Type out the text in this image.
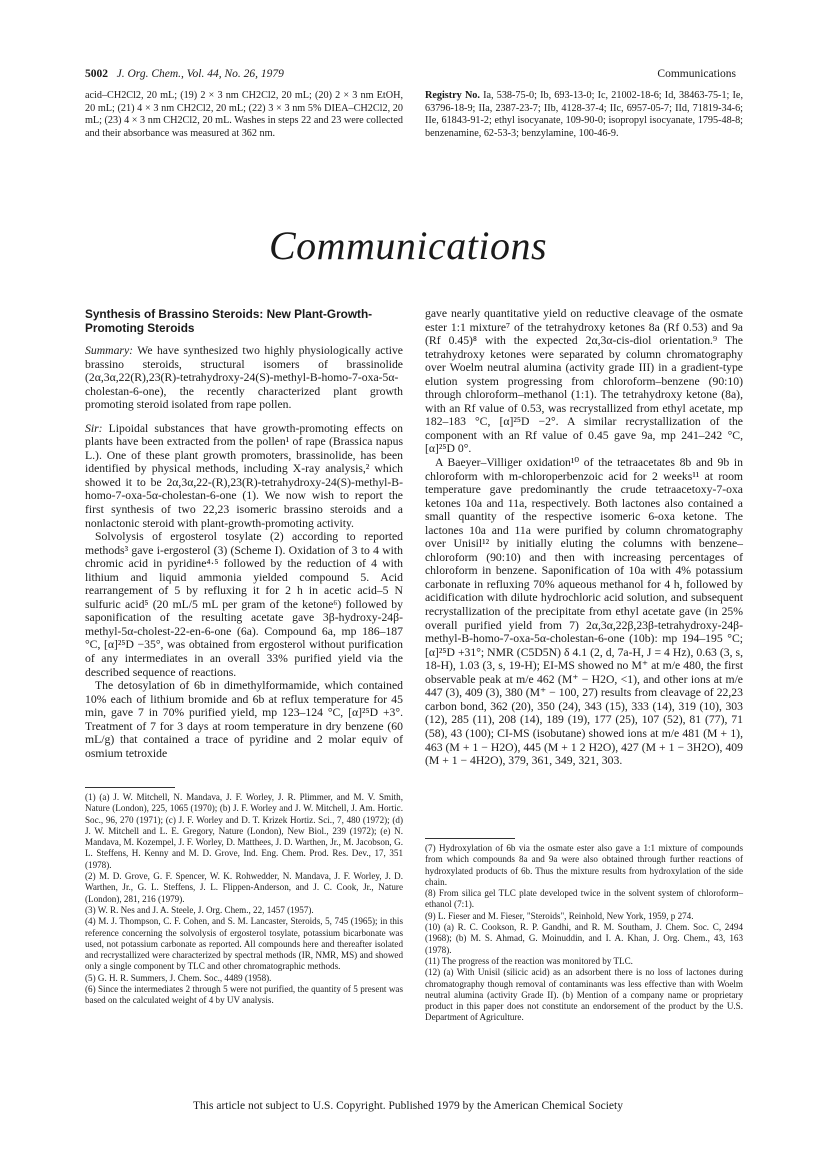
5002 J. Org. Chem., Vol. 44, No. 26, 1979	Communications
acid–CH2Cl2, 20 mL; (19) 2 × 3 nm CH2Cl2, 20 mL; (20) 2 × 3 nm EtOH, 20 mL; (21) 4 × 3 nm CH2Cl2, 20 mL; (22) 3 × 3 nm 5% DIEA–CH2Cl2, 20 mL; (23) 4 × 3 nm CH2Cl2, 20 mL. Washes in steps 22 and 23 were collected and their absorbance was measured at 362 nm.
Registry No. Ia, 538-75-0; Ib, 693-13-0; Ic, 21002-18-6; Id, 38463-75-1; Ie, 63796-18-9; IIa, 2387-23-7; IIb, 4128-37-4; IIc, 6957-05-7; IId, 71819-34-6; IIe, 61843-91-2; ethyl isocyanate, 109-90-0; isopropyl isocyanate, 1795-48-8; benzenamine, 62-53-3; benzylamine, 100-46-9.
Communications
Synthesis of Brassino Steroids: New Plant-Growth-Promoting Steroids
Summary: We have synthesized two highly physiologically active brassino steroids, structural isomers of brassinolide (2α,3α,22(R),23(R)-tetrahydroxy-24(S)-methyl-B-homo-7-oxa-5α-cholestan-6-one), the recently characterized plant growth promoting steroid isolated from rape pollen.
Sir: Lipoidal substances that have growth-promoting effects on plants have been extracted from the pollen¹ of rape (Brassica napus L.). One of these plant growth promoters, brassinolide, has been identified by physical methods, including X-ray analysis,² which showed it to be 2α,3α,22-(R),23(R)-tetrahydroxy-24(S)-methyl-B-homo-7-oxa-5α-cholestan-6-one (1). We now wish to report the first synthesis of two 22,23 isomeric brassino steroids and a nonlactonic steroid with plant-growth-promoting activity.
Solvolysis of ergosterol tosylate (2) according to reported methods³ gave i-ergosterol (3) (Scheme I). Oxidation of 3 to 4 with chromic acid in pyridine⁴·⁵ followed by the reduction of 4 with lithium and liquid ammonia yielded compound 5. Acid rearrangement of 5 by refluxing it for 2 h in acetic acid–5 N sulfuric acid⁵ (20 mL/5 mL per gram of the ketone⁶) followed by saponification of the resulting acetate gave 3β-hydroxy-24β-methyl-5α-cholest-22-en-6-one (6a). Compound 6a, mp 186–187 °C, [α]²⁵D −35°, was obtained from ergosterol without purification of any intermediates in an overall 33% purified yield via the described sequence of reactions.
The detosylation of 6b in dimethylformamide, which contained 10% each of lithium bromide and 6b at reflux temperature for 45 min, gave 7 in 70% purified yield, mp 123–124 °C, [α]²⁵D +3°. Treatment of 7 for 3 days at room temperature in dry benzene (60 mL/g) that contained a trace of pyridine and 2 molar equiv of osmium tetroxide
gave nearly quantitative yield on reductive cleavage of the osmate ester 1:1 mixture⁷ of the tetrahydroxy ketones 8a (Rf 0.53) and 9a (Rf 0.45)⁸ with the expected 2α,3α-cis-diol orientation.⁹ The tetrahydroxy ketones were separated by column chromatography over Woelm neutral alumina (activity grade III) in a gradient-type elution system progressing from chloroform–benzene (90:10) through chloroform–methanol (1:1). The tetrahydroxy ketone (8a), with an Rf value of 0.53, was recrystallized from ethyl acetate, mp 182–183 °C, [α]²⁵D −2°. A similar recrystallization of the component with an Rf value of 0.45 gave 9a, mp 241–242 °C, [α]²⁵D 0°.
A Baeyer–Villiger oxidation¹⁰ of the tetraacetates 8b and 9b in chloroform with m-chloroperbenzoic acid for 2 weeks¹¹ at room temperature gave predominantly the crude tetraacetoxy-7-oxa ketones 10a and 11a, respectively. Both lactones also contained a small quantity of the respective isomeric 6-oxa ketone. The lactones 10a and 11a were purified by column chromatography over Unisil¹² by initially eluting the columns with benzene–chloroform (90:10) and then with increasing percentages of chloroform in benzene. Saponification of 10a with 4% potassium carbonate in refluxing 70% aqueous methanol for 4 h, followed by acidification with dilute hydrochloric acid solution, and subsequent recrystallization of the precipitate from ethyl acetate gave (in 25% overall purified yield from 7) 2α,3α,22β,23β-tetrahydroxy-24β-methyl-B-homo-7-oxa-5α-cholestan-6-one (10b): mp 194–195 °C; [α]²⁵D +31°; NMR (C5D5N) δ 4.1 (2, d, 7a-H, J = 4 Hz), 0.63 (3, s, 18-H), 1.03 (3, s, 19-H); EI-MS showed no M⁺ at m/e 480, the first observable peak at m/e 462 (M⁺ − H2O, <1), and other ions at m/e 447 (3), 409 (3), 380 (M⁺ − 100, 27) results from cleavage of 22,23 carbon bond, 362 (20), 350 (24), 343 (15), 333 (14), 319 (10), 303 (12), 285 (11), 208 (14), 189 (19), 177 (25), 107 (52), 81 (77), 71 (58), 43 (100); CI-MS (isobutane) showed ions at m/e 481 (M + 1), 463 (M + 1 − H2O), 445 (M + 1 2 H2O), 427 (M + 1 − 3H2O), 409 (M + 1 − 4H2O), 379, 361, 349, 321, 303.
(1) (a) J. W. Mitchell, N. Mandava, J. F. Worley, J. R. Plimmer, and M. V. Smith, Nature (London), 225, 1065 (1970); (b) J. F. Worley and J. W. Mitchell, J. Am. Hortic. Soc., 96, 270 (1971); (c) J. F. Worley and D. T. Krizek Hortiz. Sci., 7, 480 (1972); (d) J. W. Mitchell and L. E. Gregory, Nature (London), New Biol., 239 (1972); (e) N. Mandava, M. Kozempel, J. F. Worley, D. Matthees, J. D. Warthen, Jr., M. Jacobson, G. L. Steffens, H. Kenny and M. D. Grove, Ind. Eng. Chem. Prod. Res. Dev., 17, 351 (1978).
(2) M. D. Grove, G. F. Spencer, W. K. Rohwedder, N. Mandava, J. F. Worley, J. D. Warthen, Jr., G. L. Steffens, J. L. Flippen-Anderson, and J. C. Cook, Jr., Nature (London), 281, 216 (1979).
(3) W. R. Nes and J. A. Steele, J. Org. Chem., 22, 1457 (1957).
(4) M. J. Thompson, C. F. Cohen, and S. M. Lancaster, Steroids, 5, 745 (1965); in this reference concerning the solvolysis of ergosterol tosylate, potassium bicarbonate was used, not potassium carbonate as reported. All compounds here and thereafter isolated and recrystallized were characterized by spectral methods (IR, NMR, MS) and showed only a single component by TLC and other chromatographic methods.
(5) G. H. R. Summers, J. Chem. Soc., 4489 (1958).
(6) Since the intermediates 2 through 5 were not purified, the quantity of 5 present was based on the calculated weight of 4 by UV analysis.
(7) Hydroxylation of 6b via the osmate ester also gave a 1:1 mixture of compounds from which compounds 8a and 9a were also obtained through further reactions of hydroxylated products of 6b. Thus the mixture results from hydroxylation of the side chain.
(8) From silica gel TLC plate developed twice in the solvent system of chloroform–ethanol (7:1).
(9) L. Fieser and M. Fieser, "Steroids", Reinhold, New York, 1959, p 274.
(10) (a) R. C. Cookson, R. P. Gandhi, and R. M. Southam, J. Chem. Soc. C, 2494 (1968); (b) M. S. Ahmad, G. Moinuddin, and I. A. Khan, J. Org. Chem., 43, 163 (1978).
(11) The progress of the reaction was monitored by TLC.
(12) (a) With Unisil (silicic acid) as an adsorbent there is no loss of lactones during chromatography though removal of contaminants was less effective than with Woelm neutral alumina (activity Grade II). (b) Mention of a company name or proprietary product in this paper does not constitute an endorsement of the product by the U.S. Department of Agriculture.
This article not subject to U.S. Copyright. Published 1979 by the American Chemical Society
